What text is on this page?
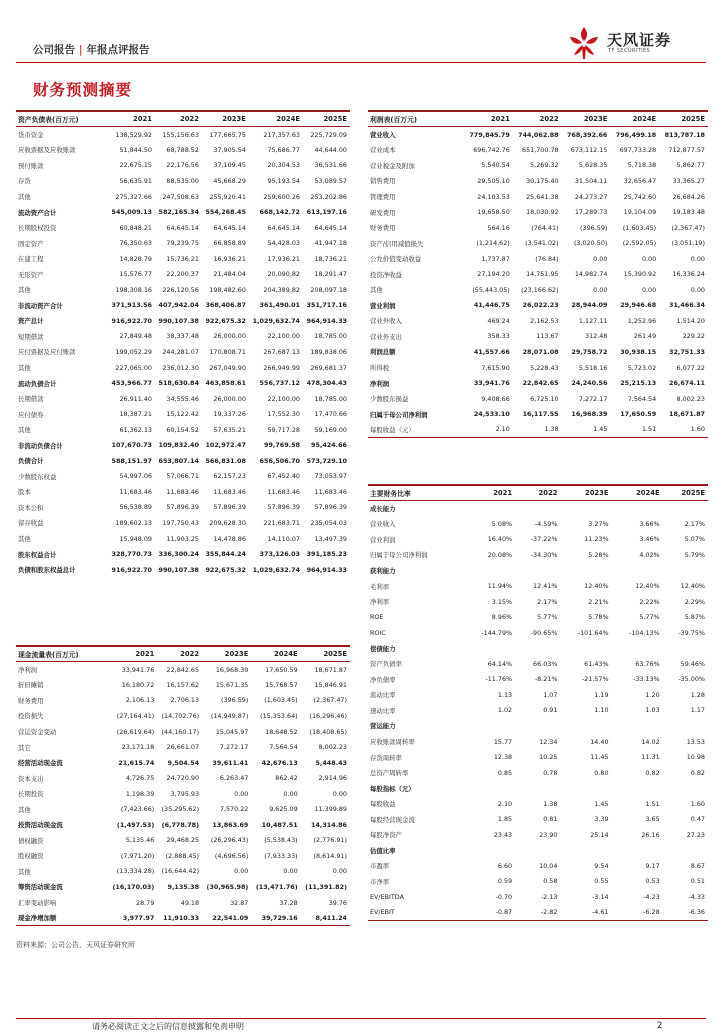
公司报告 | 年报点评报告
天风证券
TF SECURITIES
财务预测摘要
资产负债表(百万元)	2021	2022	2023E	2024E	2025E
货币资金	138,529.92	155,156.63	177,665.75	217,357.63	225,729.09
应收票据及应收账款	51,844.50	68,788.52	37,905.54	75,686.77	44,644.00
预付账款	22,675.15	22,176.56	37,109.45	20,304.53	36,531.66
存货	56,635.91	88,535.00	45,668.29	95,193.54	53,089.57
其他	275,327.66	247,508.63	255,920.41	259,600.26	253,202.86
流动资产合计	545,009.13	582,165.34	554,268.45	668,142.72	613,197.16
长期股权投资	60,848.21	64,645.14	64,645.14	64,645.14	64,645.14
固定资产	76,350.63	79,239.75	66,858.89	54,428.03	41,947.18
在建工程	14,828.79	15,736.21	16,936.21	17,936.21	18,736.21
无形资产	15,576.77	22,200.37	21,484.04	20,090.82	18,291.47
其他	198,308.16	226,120.56	198,482.60	204,389.82	208,097.18
非流动资产合计	371,913.56	407,942.04	368,406.87	361,490.01	351,717.16
资产总计	916,922.70	990,107.38	922,675.32	1,029,632.74	964,914.33
短期借款	27,849.48	38,337.48	26,000.00	22,100.00	18,785.00
应付票据及应付账款	199,052.29	244,281.07	170,808.71	267,687.13	189,838.06
其他	227,065.00	236,012.30	267,049.90	266,949.99	269,681.37
流动负债合计	453,966.77	518,630.84	463,858.61	556,737.12	478,304.43
长期借款	26,911.40	34,555.46	26,000.00	22,100.00	18,785.00
应付债券	18,387.21	15,122.42	19,337.26	17,552.30	17,470.66
其他	61,362.13	60,154.52	57,635.21	59,717.28	59,169.00
非流动负债合计	107,670.73	109,832.40	102,972.47	99,769.58	95,424.66
负债合计	588,151.97	653,807.14	566,831.08	656,506.70	573,729.10
少数股东权益	54,997.06	57,066.71	62,157.23	67,452.40	73,053.97
股本	11,683.46	11,683.46	11,683.46	11,683.46	11,683.46
资本公积	56,538.89	57,896.39	57,896.39	57,896.39	57,896.39
留存收益	189,602.13	197,750.43	209,628.30	221,683.71	235,054.03
其他	15,948.09	11,903.25	14,478.86	14,110.07	13,497.39
股东权益合计	328,770.73	336,300.24	355,844.24	373,126.03	391,185.23
负债和股东权益总计	916,922.70	990,107.38	922,675.32	1,029,632.74	964,914.33
利润表(百万元)	2021	2022	2023E	2024E	2025E
营业收入	779,845.79	744,062.88	768,392.66	796,499.18	813,787.18
营业成本	696,742.76	651,700.78	673,112.15	697,733.28	712,877.57
营业税金及附加	5,540.54	5,269.32	5,628.35	5,718.38	5,862.77
销售费用	29,505.10	30,175.40	31,504.11	32,656.47	33,365.27
管理费用	24,103.53	25,641.38	24,273.27	25,742.60	26,684.26
研发费用	19,658.50	18,030.92	17,289.73	19,104.09	19,183.48
财务费用	564.16	(764.41)	(396.59)	(1,603.45)	(2,367.47)
资产/信用减值损失	(1,214.62)	(3,541.02)	(3,020.50)	(2,592.05)	(3,051.19)
公允价值变动收益	1,737.87	(76.84)	0.00	0.00	0.00
投资净收益	27,194.20	14,751.95	14,982.74	15,390.92	16,336.24
其他	(55,443.05)	(23,166.62)	0.00	0.00	0.00
营业利润	41,446.75	26,022.23	28,944.09	29,946.68	31,466.34
营业外收入	469.24	2,162.53	1,127.11	1,252.96	1,514.20
营业外支出	358.33	113.67	312.48	261.49	229.22
利润总额	41,557.66	28,071.08	29,758.72	30,938.15	32,751.33
所得税	7,615.90	5,228.43	5,518.16	5,723.02	6,077.22
净利润	33,941.76	22,842.65	24,240.56	25,215.13	26,674.11
少数股东损益	9,408.66	6,725.10	7,272.17	7,564.54	8,002.23
归属于母公司净利润	24,533.10	16,117.55	16,968.39	17,650.59	18,671.87
每股收益（元）	2.10	1.38	1.45	1.51	1.60
主要财务比率	2021	2022	2023E	2024E	2025E
成长能力					
营业收入	5.08%	-4.59%	3.27%	3.66%	2.17%
营业利润	16.40%	-37.22%	11.23%	3.46%	5.07%
归属于母公司净利润	20.08%	-34.30%	5.28%	4.02%	5.79%
获利能力					
毛利率	11.94%	12.41%	12.40%	12.40%	12.40%
净利率	3.15%	2.17%	2.21%	2.22%	2.29%
ROE	8.96%	5.77%	5.78%	5.77%	5.87%
ROIC	-144.79%	-90.65%	-101.64%	-104.13%	-39.75%
偿债能力					
资产负债率	64.14%	66.03%	61.43%	63.76%	59.46%
净负债率	-11.76%	-8.21%	-21.57%	-33.13%	-35.00%
流动比率	1.13	1.07	1.19	1.20	1.28
速动比率	1.02	0.91	1.10	1.03	1.17
营运能力					
应收账款周转率	15.77	12.34	14.40	14.02	13.53
存货周转率	12.38	10.25	11.45	11.31	10.98
总资产周转率	0.85	0.78	0.80	0.82	0.82
每股指标（元）					
每股收益	2.10	1.38	1.45	1.51	1.60
每股经营现金流	1.85	0.81	3.39	3.65	0.47
每股净资产	23.43	23.90	25.14	26.16	27.23
估值比率					
市盈率	6.60	10.04	9.54	9.17	8.67
市净率	0.59	0.58	0.55	0.53	0.51
EV/EBITDA	-0.70	-2.13	-3.14	-4.23	-4.33
EV/EBIT	-0.87	-2.82	-4.61	-6.28	-6.36
现金流量表(百万元)	2021	2022	2023E	2024E	2025E
净利润	33,941.76	22,842.65	16,968.39	17,650.59	18,671.87
折旧摊销	16,180.72	16,157.62	15,671.35	15,768.57	15,846.91
财务费用	2,106.13	2,706.13	(396.59)	(1,603.45)	(2,367.47)
投资损失	(27,164.41)	(14,702.76)	(14,949.87)	(15,353.64)	(16,296.46)
营运资金变动	(26,619.64)	(44,160.17)	15,045.97	18,648.52	(18,408.65)
其它	23,171.18	26,661.07	7,272.17	7,564.54	8,002.23
经营活动现金流	21,615.74	9,504.54	39,611.41	42,676.13	5,448.43
资本支出	4,726.75	24,720.90	6,263.47	862.42	2,914.96
长期投资	1,198.39	3,795.93	0.00	0.00	0.00
其他	(7,423.66)	(35,295.62)	7,570.22	9,625.09	11,399.89
投资活动现金流	(1,497.53)	(6,778.78)	13,863.69	10,487.51	14,314.86
债权融资	5,135.46	29,468.25	(26,296.43)	(5,538.43)	(2,776.91)
股权融资	(7,971.20)	(2,888.45)	(4,696.56)	(7,933.33)	(8,614.91)
其他	(13,334.28)	(16,644.42)	0.00	0.00	0.00
筹资活动现金流	(16,170.03)	9,135.38	(30,965.98)	(13,471.76)	(11,391.82)
汇率变动影响	28.79	49.18	32.87	37.28	39.76
现金净增加额	3,977.97	11,910.33	22,541.09	39,729.16	8,411.24
资料来源：公司公告，天风证券研究所
请务必阅读正文之后的信息披露和免责申明	2
